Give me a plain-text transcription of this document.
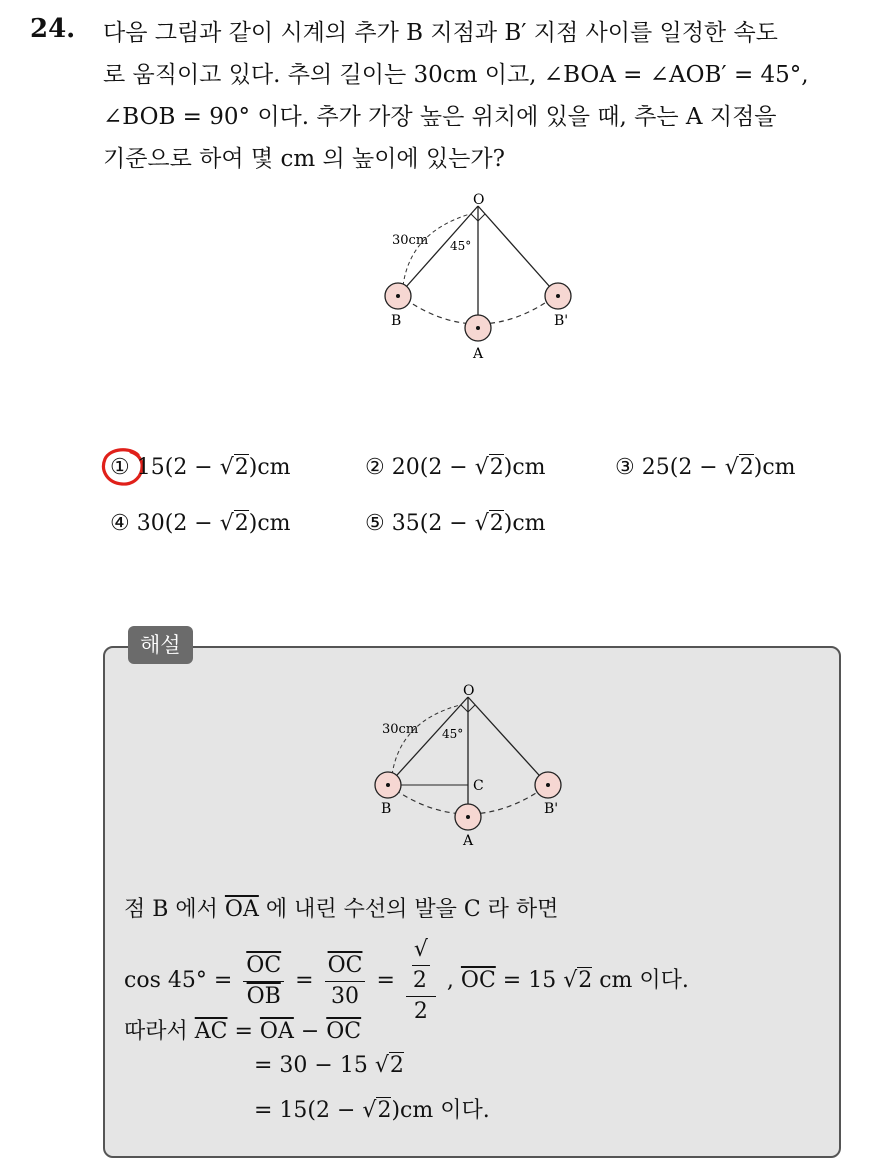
24. 다음 그림과 같이 시계의 추가 B 지점과 B′ 지점 사이를 일정한 속도
로 움직이고 있다. 추의 길이는 30cm 이고, ∠BOA = ∠AOB′ = 45°,
∠BOB = 90° 이다. 추가 가장 높은 위치에 있을 때, 추는 A 지점을
기준으로 하여 몇 cm 의 높이에 있는가?
O
30cm 45°
B	B'
A
① 15(2 − √2)cm	② 20(2 − √2)cm	③ 25(2 − √2)cm
④ 30(2 − √2)cm	⑤ 35(2 − √2)cm
해설
O
30cm 45°
C
B	B'
A
점 B 에서 $\overline{OA}$ 에 내린 수선의 발을 C 라 하면
$\cos 45^\circ = \frac{\overline{OC}}{OB} = \frac{\overline{OC}}{30}$ = √
2
2 , $\overline{OC} = 15$ √2 cm 이다.
따라서 $\overline{AC} = \overline{OA} - \overline{OC}$
= 30 − 15 √2
= 15(2 − √2)cm 이다.
